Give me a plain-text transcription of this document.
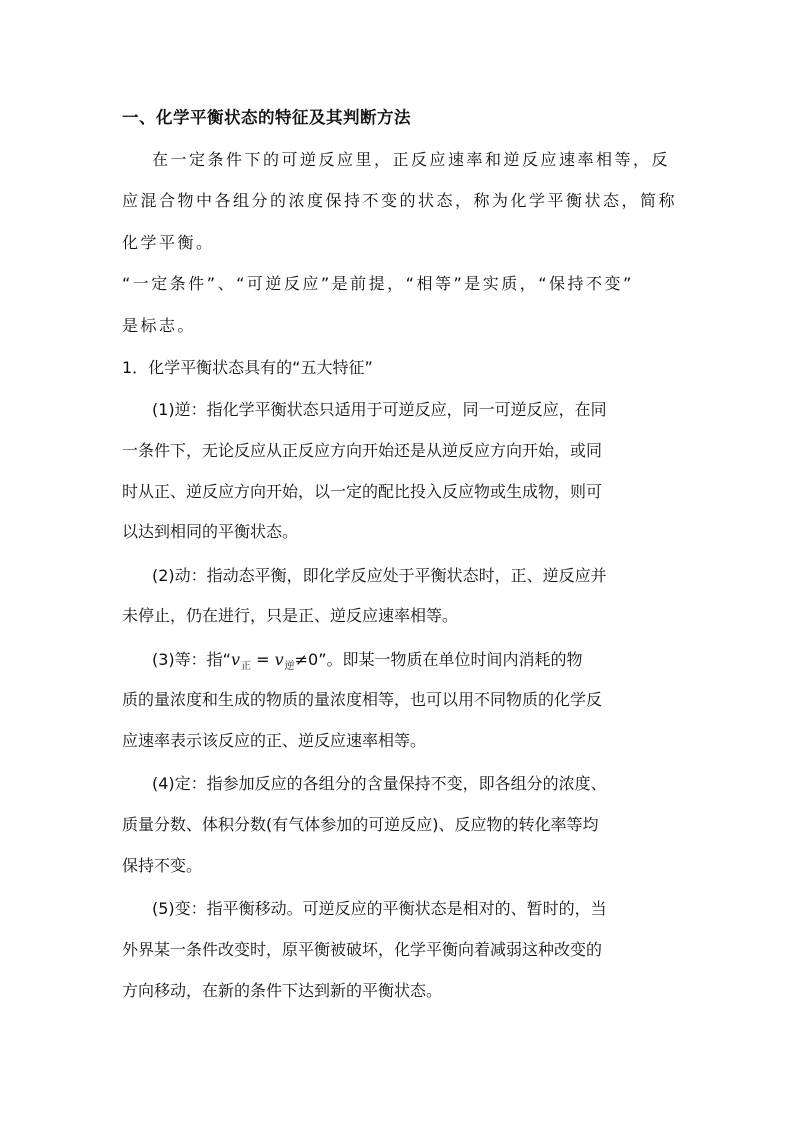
一、化学平衡状态的特征及其判断方法
在一定条件下的可逆反应里，正反应速率和逆反应速率相等，反
应混合物中各组分的浓度保持不变的状态，称为化学平衡状态，简称
化学平衡。
“一定条件”、“可逆反应”是前提，“相等”是实质，“保持不变”
是标志。
1．化学平衡状态具有的“五大特征”
(1)逆：指化学平衡状态只适用于可逆反应，同一可逆反应，在同
一条件下，无论反应从正反应方向开始还是从逆反应方向开始，或同
时从正、逆反应方向开始，以一定的配比投入反应物或生成物，则可
以达到相同的平衡状态。
(2)动：指动态平衡，即化学反应处于平衡状态时，正、逆反应并
未停止，仍在进行，只是正、逆反应速率相等。
(3)等：指“$v_正 = v_逆\ne 0$”。即某一物质在单位时间内消耗的物
质的量浓度和生成的物质的量浓度相等，也可以用不同物质的化学反
应速率表示该反应的正、逆反应速率相等。
(4)定：指参加反应的各组分的含量保持不变，即各组分的浓度、
质量分数、体积分数(有气体参加的可逆反应)、反应物的转化率等均
保持不变。
(5)变：指平衡移动。可逆反应的平衡状态是相对的、暂时的，当
外界某一条件改变时，原平衡被破坏，化学平衡向着减弱这种改变的
方向移动，在新的条件下达到新的平衡状态。
